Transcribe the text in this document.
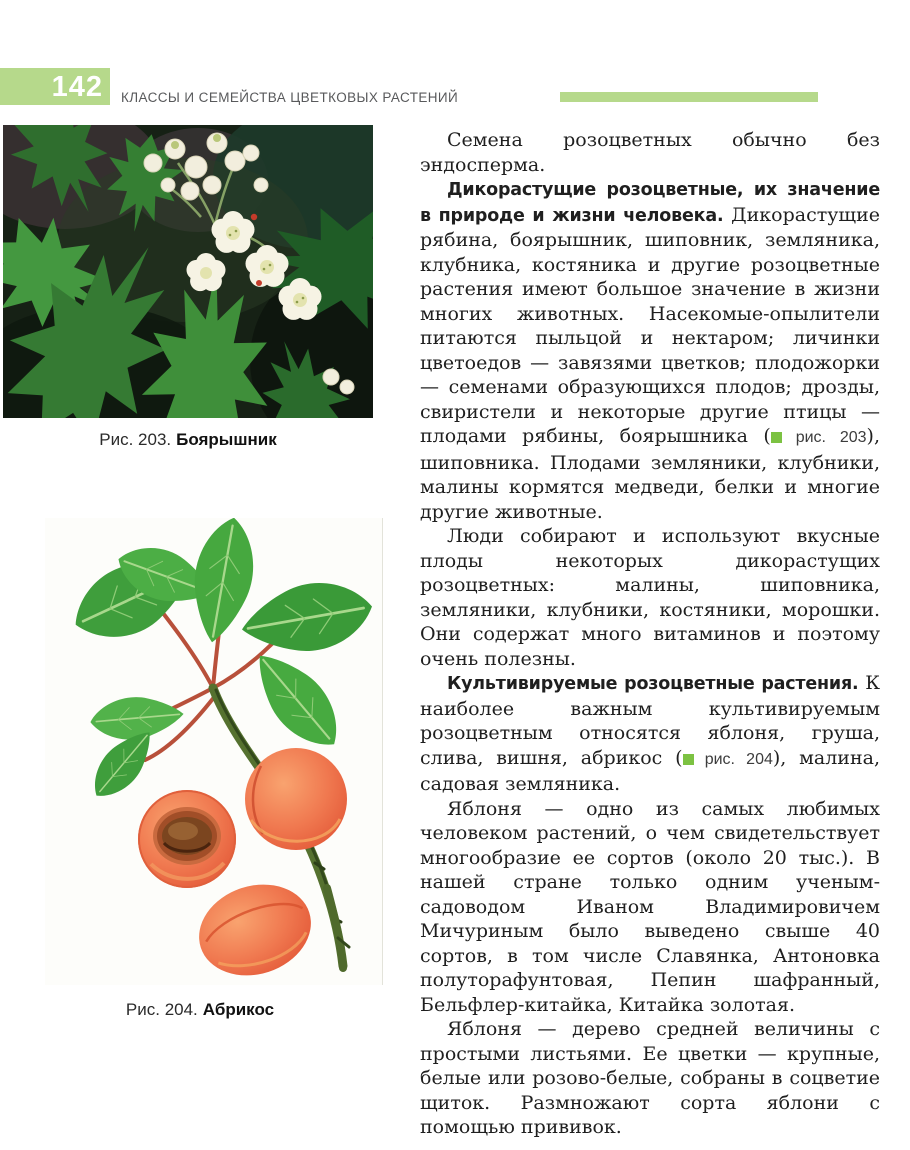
142 КЛАССЫ И СЕМЕЙСТВА ЦВЕТКОВЫХ РАСТЕНИЙ
Рис. 203. Боярышник
Рис. 204. Абрикос

Семена розоцветных обычно без эндосперма.

Дикорастущие розоцветные, их значение в природе и жизни человека. Дикорастущие рябина, боярышник, шиповник, земляника, клубника, костяника и другие розоцветные растения имеют большое значение в жизни многих животных. Насекомые-опылители питаются пыльцой и нектаром; личинки цветоедов — завязями цветков; плодожорки — семенами образующихся плодов; дрозды, свиристели и некоторые другие птицы — плодами рябины, боярышника ( рис. 203), шиповника. Плодами земляники, клубники, малины кормятся медведи, белки и многие другие животные.

Люди собирают и используют вкусные плоды некоторых дикорастущих розоцветных: малины, шиповника, земляники, клубники, костяники, морошки. Они содержат много витаминов и поэтому очень полезны.

Культивируемые розоцветные растения. К наиболее важным культивируемым розоцветным относятся яблоня, груша, слива, вишня, абрикос ( рис. 204), малина, садовая земляника.

Яблоня — одно из самых любимых человеком растений, о чем свидетельствует многообразие ее сортов (около 20 тыс.). В нашей стране только одним ученым-садоводом Иваном Владимировичем Мичуриным было выведено свыше 40 сортов, в том числе Славянка, Антоновка полуторафунтовая, Пепин шафранный, Бельфлер-китайка, Китайка золотая.

Яблоня — дерево средней величины с простыми листьями. Ее цветки — крупные, белые или розово-белые, собраны в соцветие щиток. Размножают сорта яблони с помощью прививок.
